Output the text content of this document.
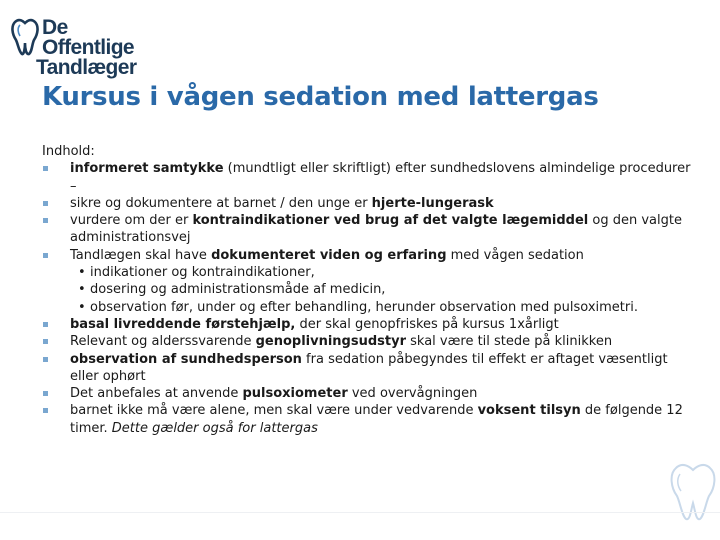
De Offentlige
Tandlæger
Kursus i vågen sedation med lattergas
Indhold:
informeret samtykke (mundtligt eller skriftligt) efter sundhedslovens almindelige procedurer –
sikre og dokumentere at barnet / den unge er hjerte-lungerask
vurdere om der er kontraindikationer ved brug af det valgte lægemiddel og den valgte administrationsvej
Tandlægen skal have dokumenteret viden og erfaring med vågen sedation
• indikationer og kontraindikationer,
• dosering og administrationsmåde af medicin,
• observation før, under og efter behandling, herunder observation med pulsoximetri.
basal livreddende førstehjælp, der skal genopfriskes på kursus 1xårligt
Relevant og alderssvarende genoplivningsudstyr skal være til stede på klinikken
observation af sundhedsperson fra sedation påbegyndes til effekt er aftaget væsentligt eller ophørt
Det anbefales at anvende pulsoxiometer ved overvågningen
barnet ikke må være alene, men skal være under vedvarende voksent tilsyn de følgende 12 timer. Dette gælder også for lattergas
